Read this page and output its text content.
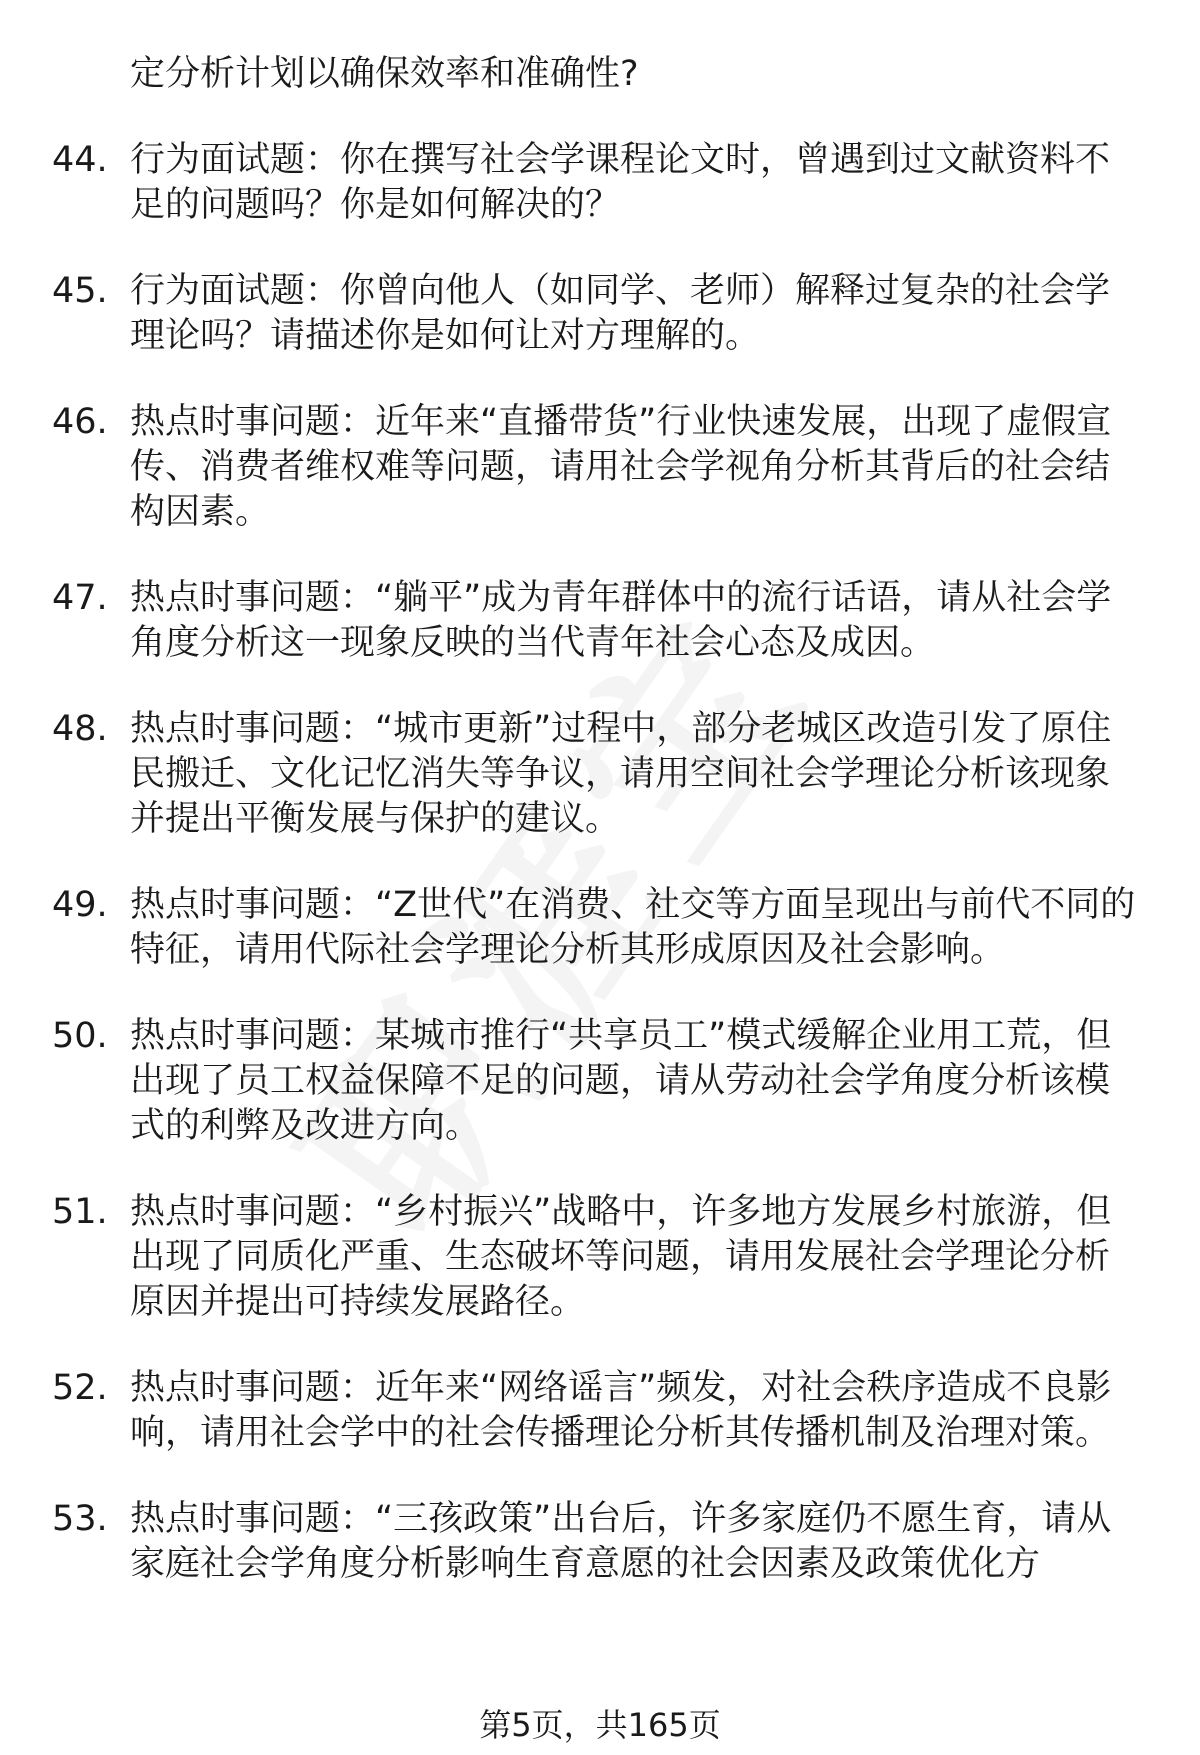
定分析计划以确保效率和准确性?
44. 行为面试题：你在撰写社会学课程论文时，曾遇到过文献资料不足的问题吗？你是如何解决的？
45. 行为面试题：你曾向他人（如同学、老师）解释过复杂的社会学理论吗？请描述你是如何让对方理解的。
46. 热点时事问题：近年来“直播带货”行业快速发展，出现了虚假宣传、消费者维权难等问题，请用社会学视角分析其背后的社会结构因素。
47. 热点时事问题：“躺平”成为青年群体中的流行话语，请从社会学角度分析这一现象反映的当代青年社会心态及成因。
48. 热点时事问题：“城市更新”过程中，部分老城区改造引发了原住民搬迁、文化记忆消失等争议，请用空间社会学理论分析该现象并提出平衡发展与保护的建议。
49. 热点时事问题：“Z世代”在消费、社交等方面呈现出与前代不同的特征，请用代际社会学理论分析其形成原因及社会影响。
50. 热点时事问题：某城市推行“共享员工”模式缓解企业用工荒，但出现了员工权益保障不足的问题，请从劳动社会学角度分析该模式的利弊及改进方向。
51. 热点时事问题：“乡村振兴”战略中，许多地方发展乡村旅游，但出现了同质化严重、生态破坏等问题，请用发展社会学理论分析原因并提出可持续发展路径。
52. 热点时事问题：近年来“网络谣言”频发，对社会秩序造成不良影响，请用社会学中的社会传播理论分析其传播机制及治理对策。
53. 热点时事问题：“三孩政策”出台后，许多家庭仍不愿生育，请从家庭社会学角度分析影响生育意愿的社会因素及政策优化方
第5页，共165页
